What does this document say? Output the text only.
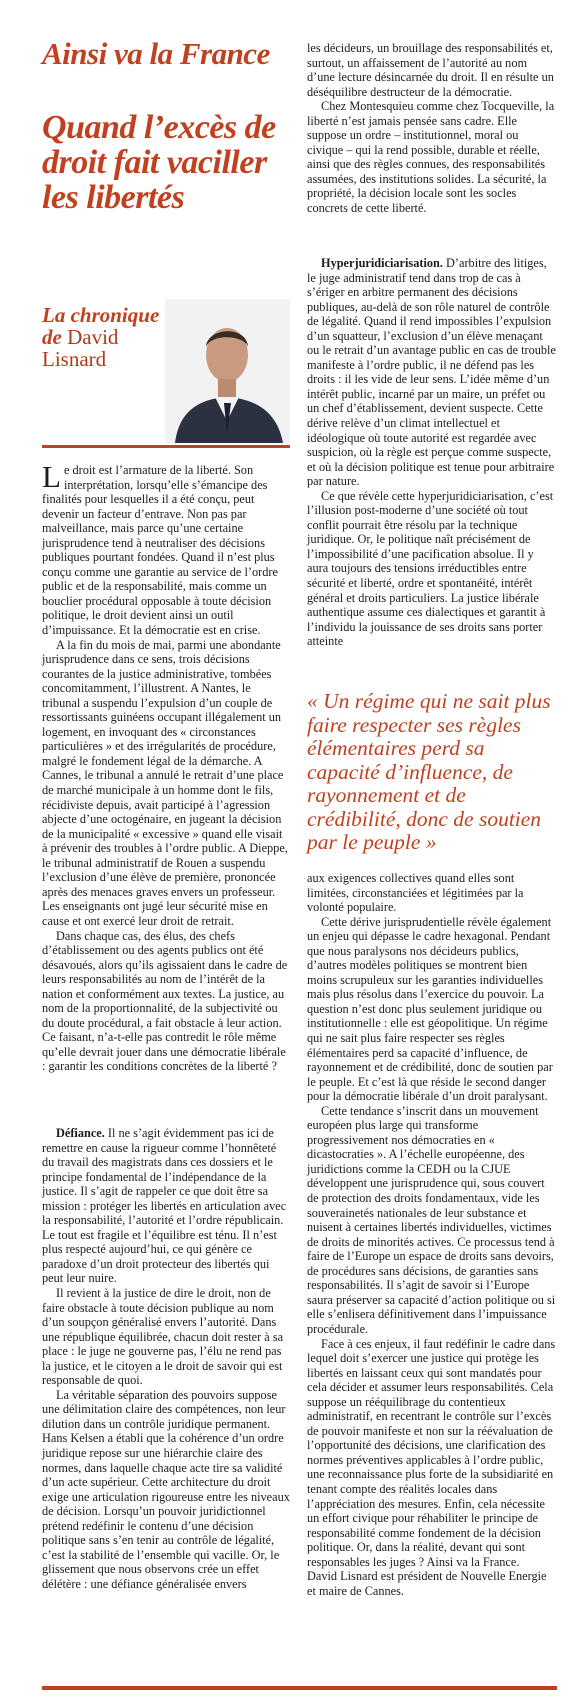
Ainsi va la France
Quand l’excès de droit fait vaciller les libertés
La chronique de David Lisnard

Le droit est l’armature de la liberté. Son interprétation, lorsqu’elle s’émancipe des finalités pour lesquelles il a été conçu, peut devenir un facteur d’entrave. Non pas par malveillance, mais parce qu’une certaine jurisprudence tend à neutraliser des décisions publiques pourtant fondées. Quand il n’est plus conçu comme une garantie au service de l’ordre public et de la responsabilité, mais comme un bouclier procédural opposable à toute décision politique, le droit devient ainsi un outil d’impuissance. Et la démocratie est en crise.

A la fin du mois de mai, parmi une abondante jurisprudence dans ce sens, trois décisions courantes de la justice administrative, tombées concomitamment, l’illustrent. A Nantes, le tribunal a suspendu l’expulsion d’un couple de ressortissants guinéens occupant illégalement un logement, en invoquant des « circonstances particulières » et des irrégularités de procédure, malgré le fondement légal de la démarche. A Cannes, le tribunal a annulé le retrait d’une place de marché municipale à un homme dont le fils, récidiviste depuis, avait participé à l’agression abjecte d’une octogénaire, en jugeant la décision de la municipalité « excessive » quand elle visait à prévenir des troubles à l’ordre public. A Dieppe, le tribunal administratif de Rouen a suspendu l’exclusion d’une élève de première, prononcée après des menaces graves envers un professeur. Les enseignants ont jugé leur sécurité mise en cause et ont exercé leur droit de retrait.

Dans chaque cas, des élus, des chefs d’établissement ou des agents publics ont été désavoués, alors qu’ils agissaient dans le cadre de leurs responsabilités au nom de l’intérêt de la nation et conformément aux textes. La justice, au nom de la proportionnalité, de la subjectivité ou du doute procédural, a fait obstacle à leur action. Ce faisant, n’a-t-elle pas contredit le rôle même qu’elle devrait jouer dans une démocratie libérale : garantir les conditions concrètes de la liberté ?

Défiance. Il ne s’agit évidemment pas ici de remettre en cause la rigueur comme l’honnêteté du travail des magistrats dans ces dossiers et le principe fondamental de l’indépendance de la justice. Il s’agit de rappeler ce que doit être sa mission : protéger les libertés en articulation avec la responsabilité, l’autorité et l’ordre républicain. Le tout est fragile et l’équilibre est ténu. Il n’est plus respecté aujourd’hui, ce qui génère ce paradoxe d’un droit protecteur des libertés qui peut leur nuire.

Il revient à la justice de dire le droit, non de faire obstacle à toute décision publique au nom d’un soupçon généralisé envers l’autorité. Dans une république équilibrée, chacun doit rester à sa place : le juge ne gouverne pas, l’élu ne rend pas la justice, et le citoyen a le droit de savoir qui est responsable de quoi.

La véritable séparation des pouvoirs suppose une délimitation claire des compétences, non leur dilution dans un contrôle juridique permanent. Hans Kelsen a établi que la cohérence d’un ordre juridique repose sur une hiérarchie claire des normes, dans laquelle chaque acte tire sa validité d’un acte supérieur. Cette architecture du droit exige une articulation rigoureuse entre les niveaux de décision. Lorsqu’un pouvoir juridictionnel prétend redéfinir le contenu d’une décision politique sans s’en tenir au contrôle de légalité, c’est la stabilité de l’ensemble qui vacille. Or, le glissement que nous observons crée un effet délétère : une défiance généralisée envers

les décideurs, un brouillage des responsabilités et, surtout, un affaissement de l’autorité au nom d’une lecture désincarnée du droit. Il en résulte un déséquilibre destructeur de la démocratie.

Chez Montesquieu comme chez Tocqueville, la liberté n’est jamais pensée sans cadre. Elle suppose un ordre – institutionnel, moral ou civique – qui la rend possible, durable et réelle, ainsi que des règles connues, des responsabilités assumées, des institutions solides. La sécurité, la propriété, la décision locale sont les socles concrets de cette liberté.

Hyperjuridiciarisation. D’arbitre des litiges, le juge administratif tend dans trop de cas à s’ériger en arbitre permanent des décisions publiques, au-delà de son rôle naturel de contrôle de légalité. Quand il rend impossibles l’expulsion d’un squatteur, l’exclusion d’un élève menaçant ou le retrait d’un avantage public en cas de trouble manifeste à l’ordre public, il ne défend pas les droits : il les vide de leur sens. L’idée même d’un intérêt public, incarné par un maire, un préfet ou un chef d’établissement, devient suspecte. Cette dérive relève d’un climat intellectuel et idéologique où toute autorité est regardée avec suspicion, où la règle est perçue comme suspecte, et où la décision politique est tenue pour arbitraire par nature.

Ce que révèle cette hyperjuridiciarisation, c’est l’illusion post-moderne d’une société où tout conflit pourrait être résolu par la technique juridique. Or, le politique naît précisément de l’impossibilité d’une pacification absolue. Il y aura toujours des tensions irréductibles entre sécurité et liberté, ordre et spontanéité, intérêt général et droits particuliers. La justice libérale authentique assume ces dialectiques et garantit à l’individu la jouissance de ses droits sans porter atteinte

« Un régime qui ne sait plus faire respecter ses règles élémentaires perd sa capacité d’influence, de rayonnement et de crédibilité, donc de soutien par le peuple »

aux exigences collectives quand elles sont limitées, circonstanciées et légitimées par la volonté populaire.

Cette dérive jurisprudentielle révèle également un enjeu qui dépasse le cadre hexagonal. Pendant que nous paralysons nos décideurs publics, d’autres modèles politiques se montrent bien moins scrupuleux sur les garanties individuelles mais plus résolus dans l’exercice du pouvoir. La question n’est donc plus seulement juridique ou institutionnelle : elle est géopolitique. Un régime qui ne sait plus faire respecter ses règles élémentaires perd sa capacité d’influence, de rayonnement et de crédibilité, donc de soutien par le peuple. Et c’est là que réside le second danger pour la démocratie libérale d’un droit paralysant.

Cette tendance s’inscrit dans un mouvement européen plus large qui transforme progressivement nos démocraties en « dicastocraties ». A l’échelle européenne, des juridictions comme la CEDH ou la CJUE développent une jurisprudence qui, sous couvert de protection des droits fondamentaux, vide les souverainetés nationales de leur substance et nuisent à certaines libertés individuelles, victimes de droits de minorités actives. Ce processus tend à faire de l’Europe un espace de droits sans devoirs, de procédures sans décisions, de garanties sans responsabilités. Il s’agit de savoir si l’Europe saura préserver sa capacité d’action politique ou si elle s’enlisera définitivement dans l’impuissance procédurale.

Face à ces enjeux, il faut redéfinir le cadre dans lequel doit s’exercer une justice qui protège les libertés en laissant ceux qui sont mandatés pour cela décider et assumer leurs responsabilités. Cela suppose un rééquilibrage du contentieux administratif, en recentrant le contrôle sur l’excès de pouvoir manifeste et non sur la réévaluation de l’opportunité des décisions, une clarification des normes préventives applicables à l’ordre public, une reconnaissance plus forte de la subsidiarité en tenant compte des réalités locales dans l’appréciation des mesures. Enfin, cela nécessite un effort civique pour réhabiliter le principe de responsabilité comme fondement de la décision politique. Or, dans la réalité, devant qui sont responsables les juges ? Ainsi va la France.

David Lisnard est président de Nouvelle Energie et maire de Cannes.
